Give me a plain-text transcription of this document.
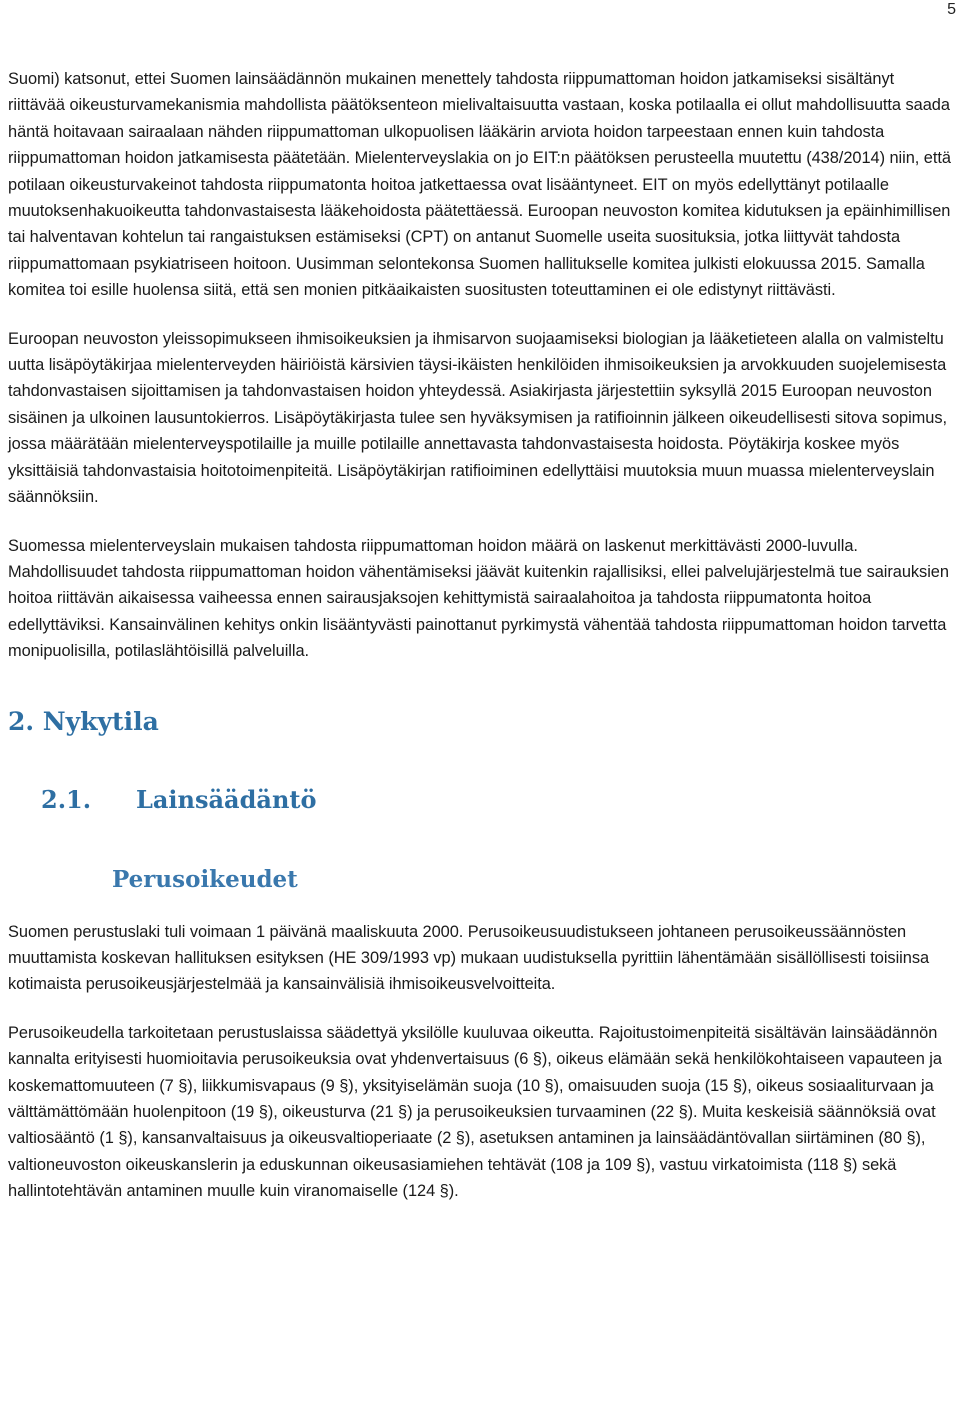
5

Suomi) katsonut, ettei Suomen lainsäädännön mukainen menettely tahdosta riippumattoman hoidon jatkamiseksi sisältänyt riittävää oikeusturvamekanismia mahdollista päätöksenteon mielivaltaisuutta vastaan, koska potilaalla ei ollut mahdollisuutta saada häntä hoitavaan sairaalaan nähden riippumattoman ulkopuolisen lääkärin arviota hoidon tarpeestaan ennen kuin tahdosta riippumattoman hoidon jatkamisesta päätetään. Mielenterveyslakia on jo EIT:n päätöksen perusteella muutettu (438/2014) niin, että potilaan oikeusturvakeinot tahdosta riippumatonta hoitoa jatkettaessa ovat lisääntyneet. EIT on myös edellyttänyt potilaalle muutoksenhakuoikeutta tahdonvastaisesta lääkehoidosta päätettäessä. Euroopan neuvoston komitea kidutuksen ja epäinhimillisen tai halventavan kohtelun tai rangaistuksen estämiseksi (CPT) on antanut Suomelle useita suosituksia, jotka liittyvät tahdosta riippumattomaan psykiatriseen hoitoon. Uusimman selontekonsa Suomen hallitukselle komitea julkisti elokuussa 2015. Samalla komitea toi esille huolensa siitä, että sen monien pitkäaikaisten suositusten toteuttaminen ei ole edistynyt riittävästi.

Euroopan neuvoston yleissopimukseen ihmisoikeuksien ja ihmisarvon suojaamiseksi biologian ja lääketieteen alalla on valmisteltu uutta lisäpöytäkirjaa mielenterveyden häiriöistä kärsivien täysi-ikäisten henkilöiden ihmisoikeuksien ja arvokkuuden suojelemisesta tahdonvastaisen sijoittamisen ja tahdonvastaisen hoidon yhteydessä. Asiakirjasta järjestettiin syksyllä 2015 Euroopan neuvoston sisäinen ja ulkoinen lausuntokierros. Lisäpöytäkirjasta tulee sen hyväksymisen ja ratifioinnin jälkeen oikeudellisesti sitova sopimus, jossa määrätään mielenterveyspotilaille ja muille potilaille annettavasta tahdonvastaisesta hoidosta. Pöytäkirja koskee myös yksittäisiä tahdonvastaisia hoitotoimenpiteitä. Lisäpöytäkirjan ratifioiminen edellyttäisi muutoksia muun muassa mielenterveyslain säännöksiin.

Suomessa mielenterveyslain mukaisen tahdosta riippumattoman hoidon määrä on laskenut merkittävästi 2000-luvulla. Mahdollisuudet tahdosta riippumattoman hoidon vähentämiseksi jäävät kuitenkin rajallisiksi, ellei palvelujärjestelmä tue sairauksien hoitoa riittävän aikaisessa vaiheessa ennen sairausjaksojen kehittymistä sairaalahoitoa ja tahdosta riippumatonta hoitoa edellyttäviksi. Kansainvälinen kehitys onkin lisääntyvästi painottanut pyrkimystä vähentää tahdosta riippumattoman hoidon tarvetta monipuolisilla, potilaslähtöisillä palveluilla.

2. Nykytila
2.1. Lainsäädäntö
Perusoikeudet

Suomen perustuslaki tuli voimaan 1 päivänä maaliskuuta 2000. Perusoikeusuudistukseen johtaneen perusoikeussäännösten muuttamista koskevan hallituksen esityksen (HE 309/1993 vp) mukaan uudistuksella pyrittiin lähentämään sisällöllisesti toisiinsa kotimaista perusoikeusjärjestelmää ja kansainvälisiä ihmisoikeusvelvoitteita.

Perusoikeudella tarkoitetaan perustuslaissa säädettyä yksilölle kuuluvaa oikeutta. Rajoitustoimenpiteitä sisältävän lainsäädännön kannalta erityisesti huomioitavia perusoikeuksia ovat yhdenvertaisuus (6 §), oikeus elämään sekä henkilökohtaiseen vapauteen ja koskemattomuuteen (7 §), liikkumisvapaus (9 §), yksityiselämän suoja (10 §), omaisuuden suoja (15 §), oikeus sosiaaliturvaan ja välttämättömään huolenpitoon (19 §), oikeusturva (21 §) ja perusoikeuksien turvaaminen (22 §). Muita keskeisiä säännöksiä ovat valtiosääntö (1 §), kansanvaltaisuus ja oikeusvaltioperiaate (2 §), asetuksen antaminen ja lainsäädäntövallan siirtäminen (80 §), valtioneuvoston oikeuskanslerin ja eduskunnan oikeusasiamiehen tehtävät (108 ja 109 §), vastuu virkatoimista (118 §) sekä hallintotehtävän antaminen muulle kuin viranomaiselle (124 §).
